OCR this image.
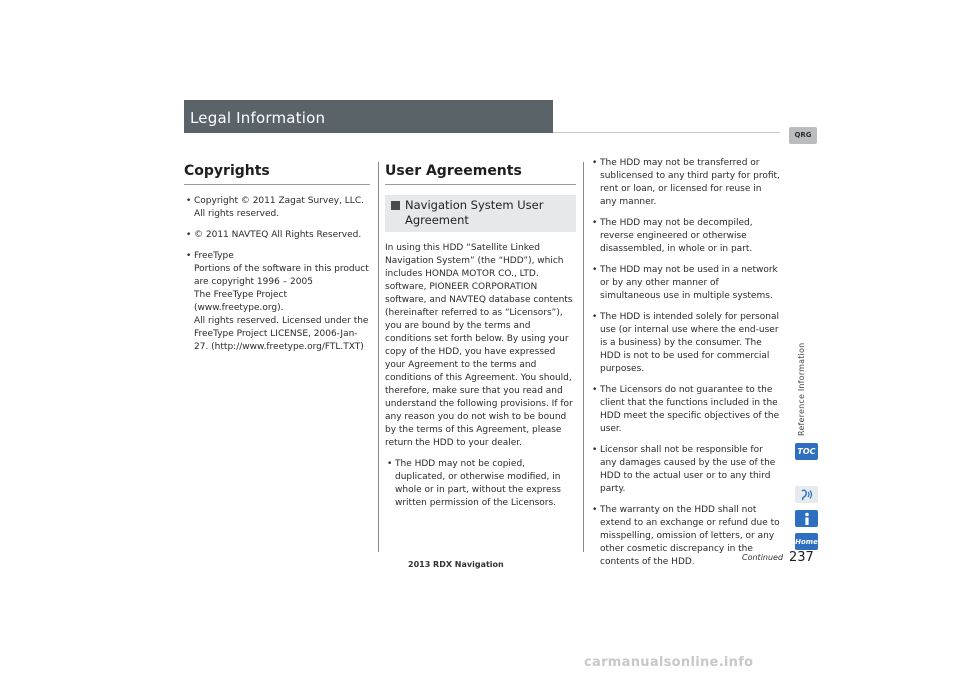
Legal Information
QRG
Copyrights
• Copyright © 2011 Zagat Survey, LLC. All rights reserved.
• © 2011 NAVTEQ All Rights Reserved.
• FreeType
Portions of the software in this product are copyright 1996 – 2005
The FreeType Project (www.freetype.org).
All rights reserved. Licensed under the FreeType Project LICENSE, 2006-Jan-27. (http://www.freetype.org/FTL.TXT)
User Agreements
Navigation System User Agreement
In using this HDD “Satellite Linked Navigation System” (the “HDD”), which includes HONDA MOTOR CO., LTD. software, PIONEER CORPORATION software, and NAVTEQ database contents (hereinafter referred to as “Licensors”), you are bound by the terms and conditions set forth below. By using your copy of the HDD, you have expressed your Agreement to the terms and conditions of this Agreement. You should, therefore, make sure that you read and understand the following provisions. If for any reason you do not wish to be bound by the terms of this Agreement, please return the HDD to your dealer.
• The HDD may not be copied, duplicated, or otherwise modified, in whole or in part, without the express written permission of the Licensors.
• The HDD may not be transferred or sublicensed to any third party for profit, rent or loan, or licensed for reuse in any manner.
• The HDD may not be decompiled, reverse engineered or otherwise disassembled, in whole or in part.
• The HDD may not be used in a network or by any other manner of simultaneous use in multiple systems.
• The HDD is intended solely for personal use (or internal use where the end-user is a business) by the consumer. The HDD is not to be used for commercial purposes.
• The Licensors do not guarantee to the client that the functions included in the HDD meet the specific objectives of the user.
• Licensor shall not be responsible for any damages caused by the use of the HDD to the actual user or to any third party.
• The warranty on the HDD shall not extend to an exchange or refund due to misspelling, omission of letters, or any other cosmetic discrepancy in the contents of the HDD.
Reference Information
TOC
Home
Continued 237
2013 RDX Navigation
carmanualsonline.info
